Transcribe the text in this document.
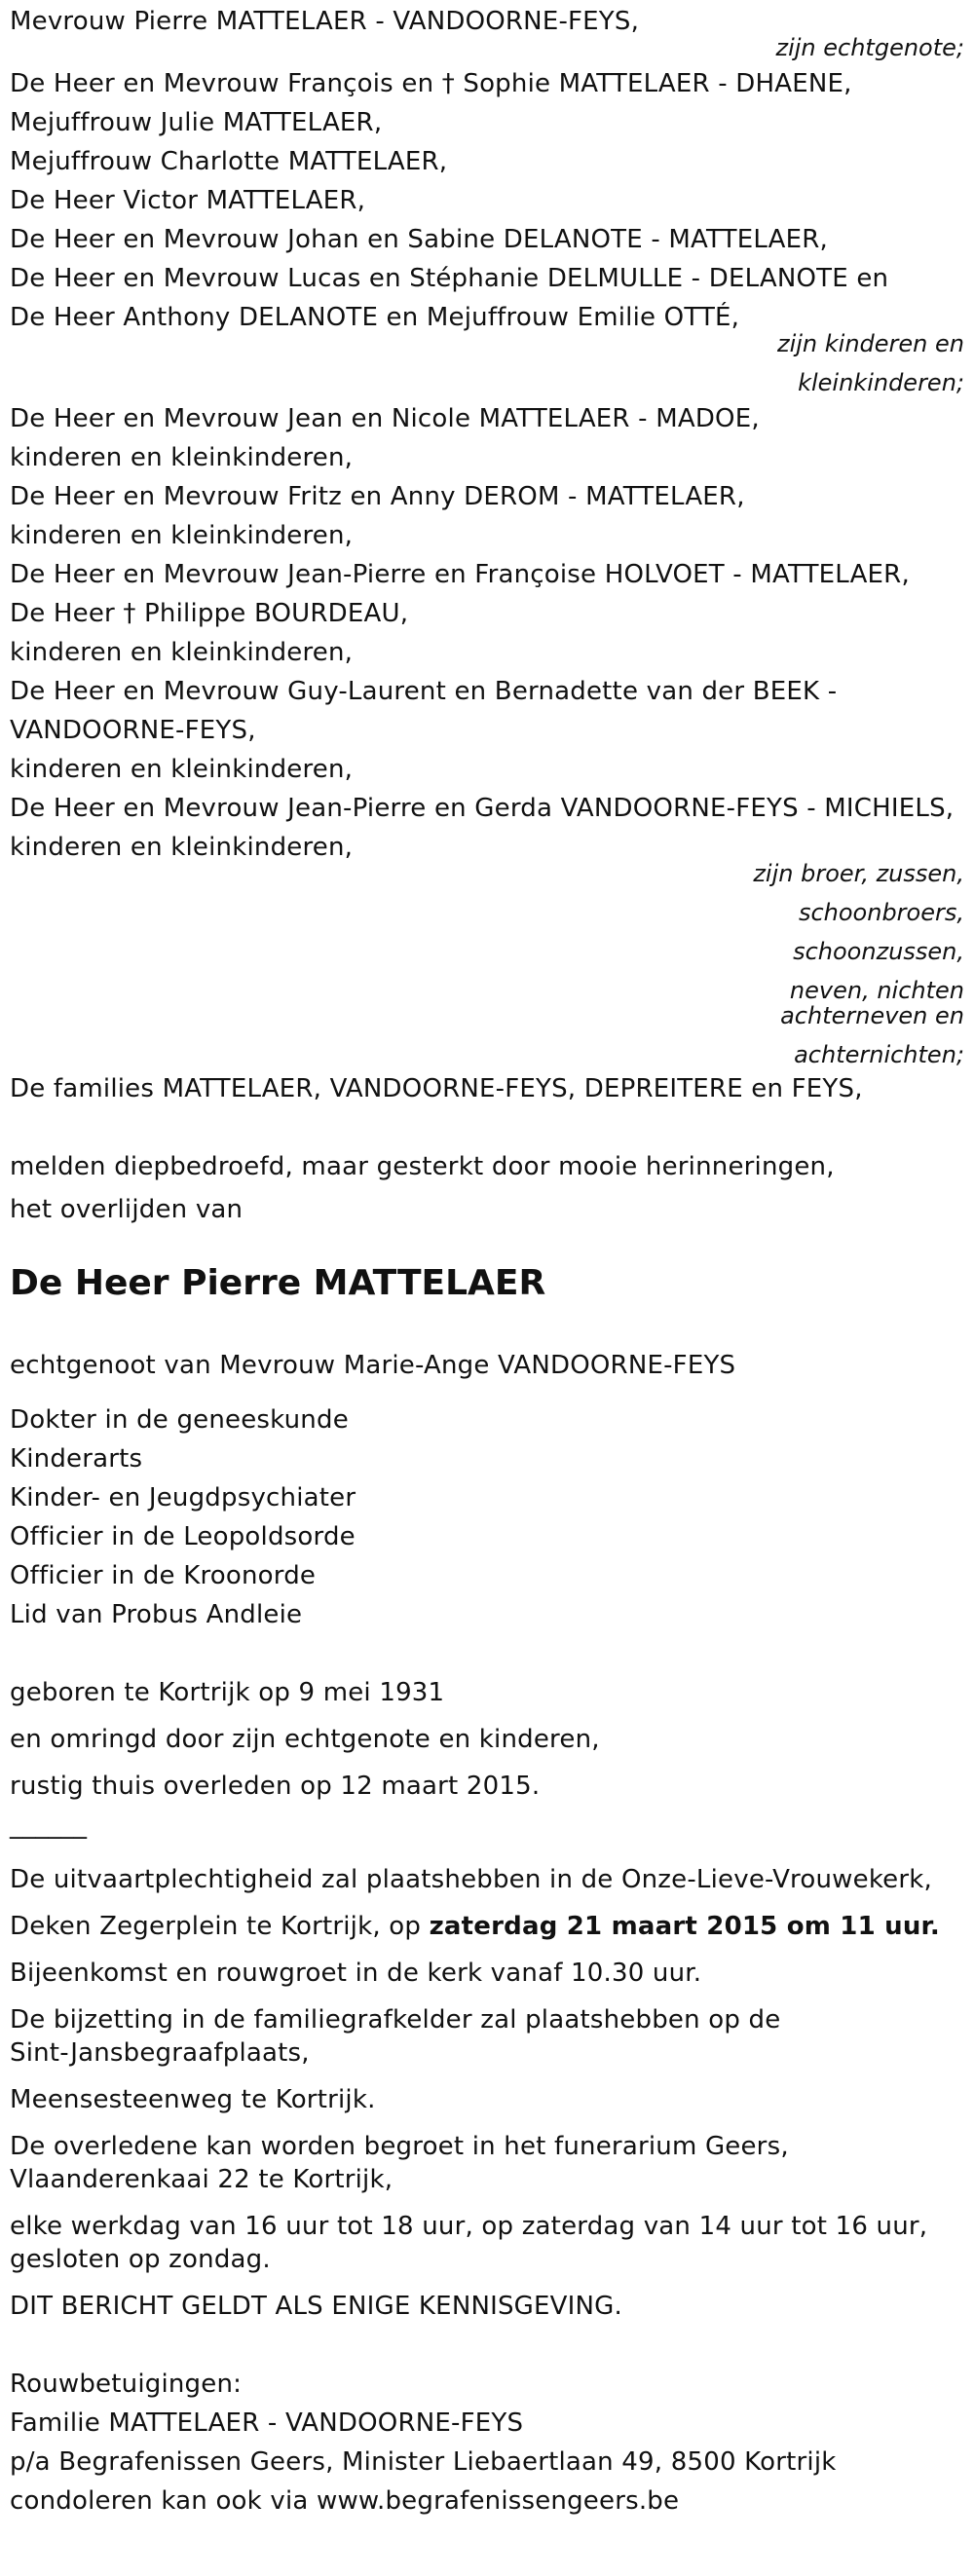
Mevrouw Pierre MATTELAER - VANDOORNE-FEYS,
zijn echtgenote;
De Heer en Mevrouw François en † Sophie MATTELAER - DHAENE,
Mejuffrouw Julie MATTELAER,
Mejuffrouw Charlotte MATTELAER,
De Heer Victor MATTELAER,
De Heer en Mevrouw Johan en Sabine DELANOTE - MATTELAER,
De Heer en Mevrouw Lucas en Stéphanie DELMULLE - DELANOTE en
De Heer Anthony DELANOTE en Mejuffrouw Emilie OTTÉ,
zijn kinderen en
kleinkinderen;
De Heer en Mevrouw Jean en Nicole MATTELAER - MADOE,
kinderen en kleinkinderen,
De Heer en Mevrouw Fritz en Anny DEROM - MATTELAER,
kinderen en kleinkinderen,
De Heer en Mevrouw Jean-Pierre en Françoise HOLVOET - MATTELAER,
De Heer † Philippe BOURDEAU,
kinderen en kleinkinderen,
De Heer en Mevrouw Guy-Laurent en Bernadette van der BEEK -
VANDOORNE-FEYS,
kinderen en kleinkinderen,
De Heer en Mevrouw Jean-Pierre en Gerda VANDOORNE-FEYS - MICHIELS,
kinderen en kleinkinderen,
zijn broer, zussen,
schoonbroers,
schoonzussen,
neven, nichten
achterneven en
achternichten;
De families MATTELAER, VANDOORNE-FEYS, DEPREITERE en FEYS,
melden diepbedroefd, maar gesterkt door mooie herinneringen,
het overlijden van
De Heer Pierre MATTELAER
echtgenoot van Mevrouw Marie-Ange VANDOORNE-FEYS
Dokter in de geneeskunde
Kinderarts
Kinder- en Jeugdpsychiater
Officier in de Leopoldsorde
Officier in de Kroonorde
Lid van Probus Andleie
geboren te Kortrijk op 9 mei 1931
en omringd door zijn echtgenote en kinderen,
rustig thuis overleden op 12 maart 2015.
______
De uitvaartplechtigheid zal plaatshebben in de Onze-Lieve-Vrouwekerk,
Deken Zegerplein te Kortrijk, op zaterdag 21 maart 2015 om 11 uur.
Bijeenkomst en rouwgroet in de kerk vanaf 10.30 uur.
De bijzetting in de familiegrafkelder zal plaatshebben op de
Sint-Jansbegraafplaats,
Meensesteenweg te Kortrijk.
De overledene kan worden begroet in het funerarium Geers,
Vlaanderenkaai 22 te Kortrijk,
elke werkdag van 16 uur tot 18 uur, op zaterdag van 14 uur tot 16 uur,
gesloten op zondag.
DIT BERICHT GELDT ALS ENIGE KENNISGEVING.
Rouwbetuigingen:
Familie MATTELAER - VANDOORNE-FEYS
p/a Begrafenissen Geers, Minister Liebaertlaan 49, 8500 Kortrijk
condoleren kan ook via www.begrafenissengeers.be
